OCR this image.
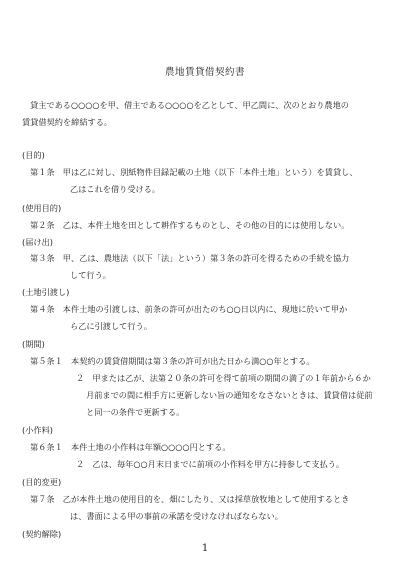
農地賃貸借契約書
貸主である○○○○を甲、借主である○○○○を乙として、甲乙間に、次のとおり農地の
賃貸借契約を締結する。
(目的)
第１条　甲は乙に対し、別紙物件目録記載の土地（以下「本件土地」という）を賃貸し、
乙はこれを借り受ける。
(使用目的)
第２条　乙は、本件土地を田として耕作するものとし、その他の目的には使用しない。
(届け出)
第３条　甲、乙は、農地法（以下「法」という）第３条の許可を得るための手続を協力
して行う。
(土地引渡し)
第４条　本件土地の引渡しは、前条の許可が出たのち○○日以内に、現地に於いて甲か
ら乙に引渡して行う。
(期間)
第５条１　本契約の賃貸借期間は第３条の許可が出た日から満○○年とする。
２　甲または乙が、法第２０条の許可を得て前項の期間の満了の１年前から６か
月前までの間に相手方に更新しない旨の通知をなさないときは、賃貸借は従前
と同一の条件で更新する。
(小作料)
第６条１　本件土地の小作料は年額○○○○円とする。
２　乙は、毎年○○月末日までに前項の小作料を甲方に持参して支払う。
(目的変更)
第７条　乙が本件土地の使用目的を、畑にしたり、又は採草放牧地として使用するとき
は、書面による甲の事前の承諾を受けなければならない。
(契約解除)
1
